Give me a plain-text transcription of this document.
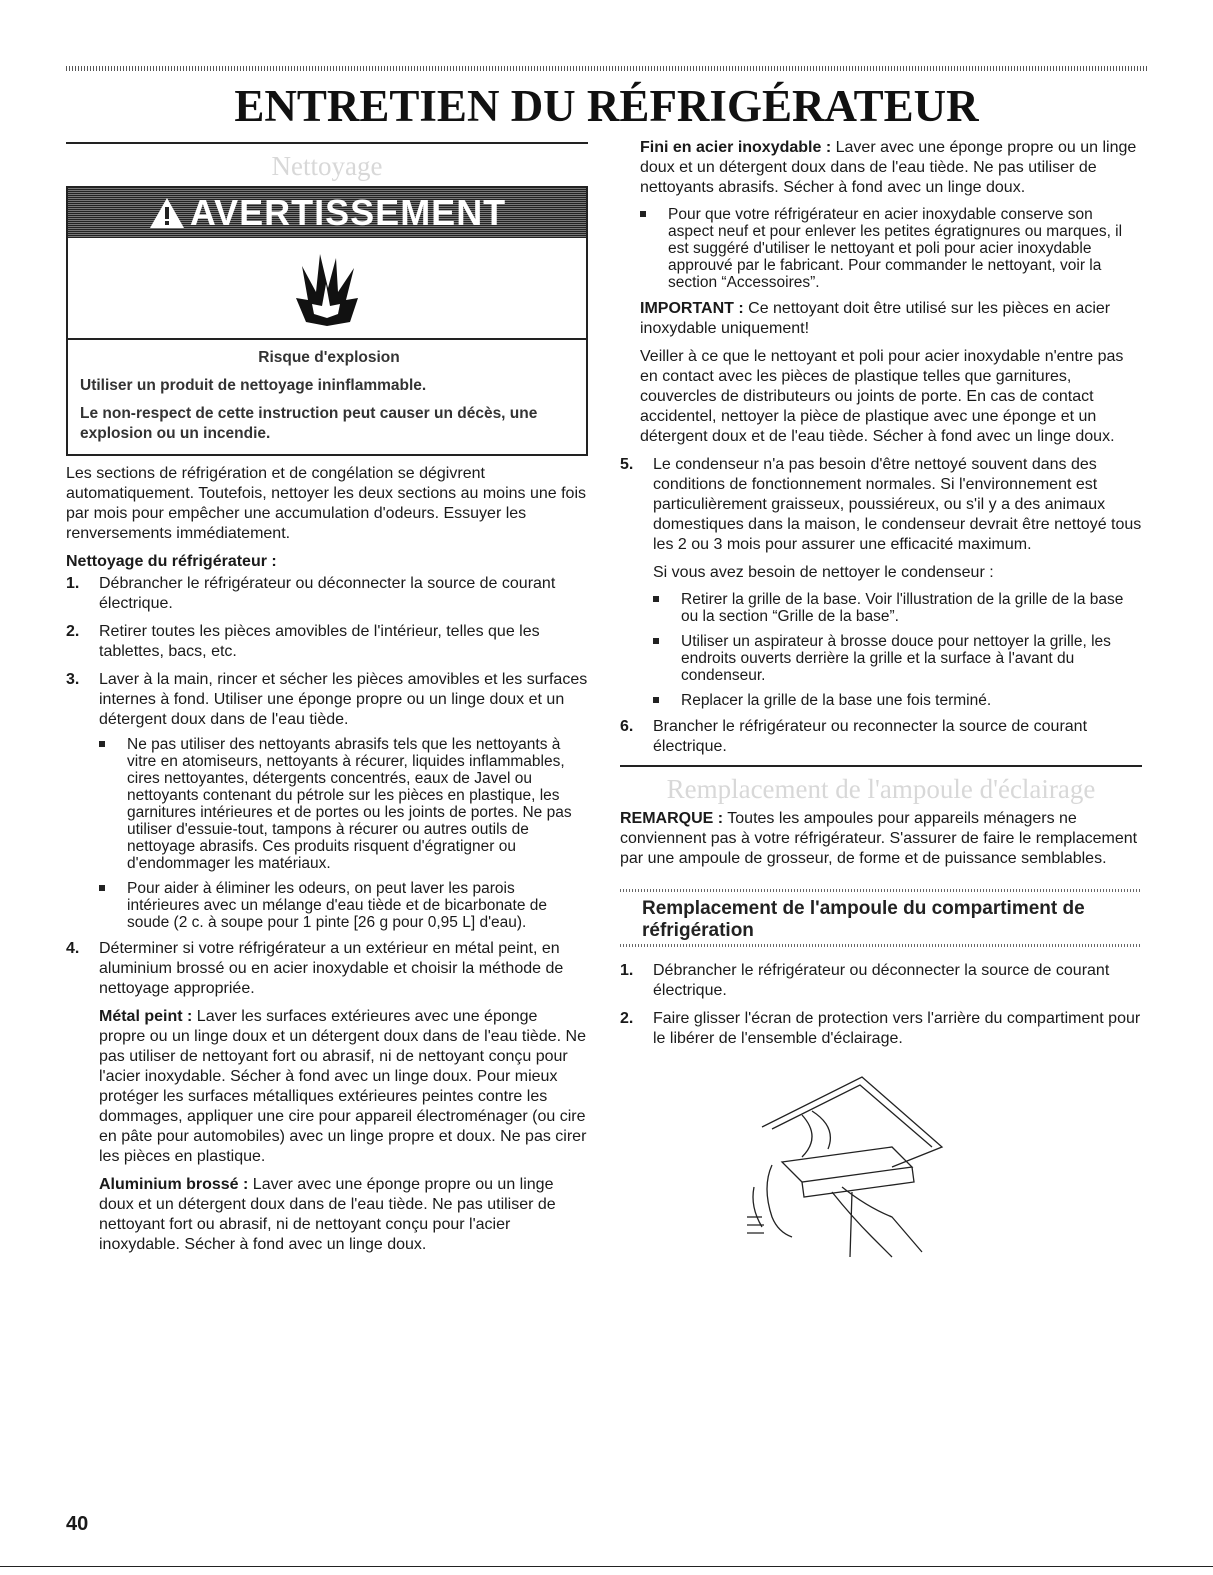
ENTRETIEN DU RÉFRIGÉRATEUR
Nettoyage
AVERTISSEMENT
Risque d'explosion

Utiliser un produit de nettoyage ininflammable.

Le non-respect de cette instruction peut causer un décès, une explosion ou un incendie.

Les sections de réfrigération et de congélation se dégivrent automatiquement. Toutefois, nettoyer les deux sections au moins une fois par mois pour empêcher une accumulation d'odeurs. Essuyer les renversements immédiatement.

Nettoyage du réfrigérateur :

1. Débrancher le réfrigérateur ou déconnecter la source de courant électrique.
2. Retirer toutes les pièces amovibles de l'intérieur, telles que les tablettes, bacs, etc.
3. Laver à la main, rincer et sécher les pièces amovibles et les surfaces internes à fond. Utiliser une éponge propre ou un linge doux et un détergent doux dans de l'eau tiède.
Ne pas utiliser des nettoyants abrasifs tels que les nettoyants à vitre en atomiseurs, nettoyants à récurer, liquides inflammables, cires nettoyantes, détergents concentrés, eaux de Javel ou nettoyants contenant du pétrole sur les pièces en plastique, les garnitures intérieures et de portes ou les joints de portes. Ne pas utiliser d'essuie-tout, tampons à récurer ou autres outils de nettoyage abrasifs. Ces produits risquent d'égratigner ou d'endommager les matériaux.
Pour aider à éliminer les odeurs, on peut laver les parois intérieures avec un mélange d'eau tiède et de bicarbonate de soude (2 c. à soupe pour 1 pinte [26 g pour 0,95 L] d'eau).
4. Déterminer si votre réfrigérateur a un extérieur en métal peint, en aluminium brossé ou en acier inoxydable et choisir la méthode de nettoyage appropriée.

Métal peint : Laver les surfaces extérieures avec une éponge propre ou un linge doux et un détergent doux dans de l'eau tiède. Ne pas utiliser de nettoyant fort ou abrasif, ni de nettoyant conçu pour l'acier inoxydable. Sécher à fond avec un linge doux. Pour mieux protéger les surfaces métalliques extérieures peintes contre les dommages, appliquer une cire pour appareil électroménager (ou cire en pâte pour automobiles) avec un linge propre et doux. Ne pas cirer les pièces en plastique.

Aluminium brossé : Laver avec une éponge propre ou un linge doux et un détergent doux dans de l'eau tiède. Ne pas utiliser de nettoyant fort ou abrasif, ni de nettoyant conçu pour l'acier inoxydable. Sécher à fond avec un linge doux.

Fini en acier inoxydable : Laver avec une éponge propre ou un linge doux et un détergent doux dans de l'eau tiède. Ne pas utiliser de nettoyants abrasifs. Sécher à fond avec un linge doux.

Pour que votre réfrigérateur en acier inoxydable conserve son aspect neuf et pour enlever les petites égratignures ou marques, il est suggéré d'utiliser le nettoyant et poli pour acier inoxydable approuvé par le fabricant. Pour commander le nettoyant, voir la section “Accessoires”.

IMPORTANT : Ce nettoyant doit être utilisé sur les pièces en acier inoxydable uniquement!

Veiller à ce que le nettoyant et poli pour acier inoxydable n'entre pas en contact avec les pièces de plastique telles que garnitures, couvercles de distributeurs ou joints de porte. En cas de contact accidentel, nettoyer la pièce de plastique avec une éponge et un détergent doux et de l'eau tiède. Sécher à fond avec un linge doux.

5. Le condenseur n'a pas besoin d'être nettoyé souvent dans des conditions de fonctionnement normales. Si l'environnement est particulièrement graisseux, poussiéreux, ou s'il y a des animaux domestiques dans la maison, le condenseur devrait être nettoyé tous les 2 ou 3 mois pour assurer une efficacité maximum.

Si vous avez besoin de nettoyer le condenseur :

Retirer la grille de la base. Voir l'illustration de la grille de la base ou la section “Grille de la base”.
Utiliser un aspirateur à brosse douce pour nettoyer la grille, les endroits ouverts derrière la grille et la surface à l'avant du condenseur.
Replacer la grille de la base une fois terminé.
6. Brancher le réfrigérateur ou reconnecter la source de courant électrique.
Remplacement de l'ampoule d'éclairage

REMARQUE : Toutes les ampoules pour appareils ménagers ne conviennent pas à votre réfrigérateur. S'assurer de faire le remplacement par une ampoule de grosseur, de forme et de puissance semblables.

Remplacement de l'ampoule du compartiment de réfrigération
1. Débrancher le réfrigérateur ou déconnecter la source de courant électrique.
2. Faire glisser l'écran de protection vers l'arrière du compartiment pour le libérer de l'ensemble d'éclairage.
40
